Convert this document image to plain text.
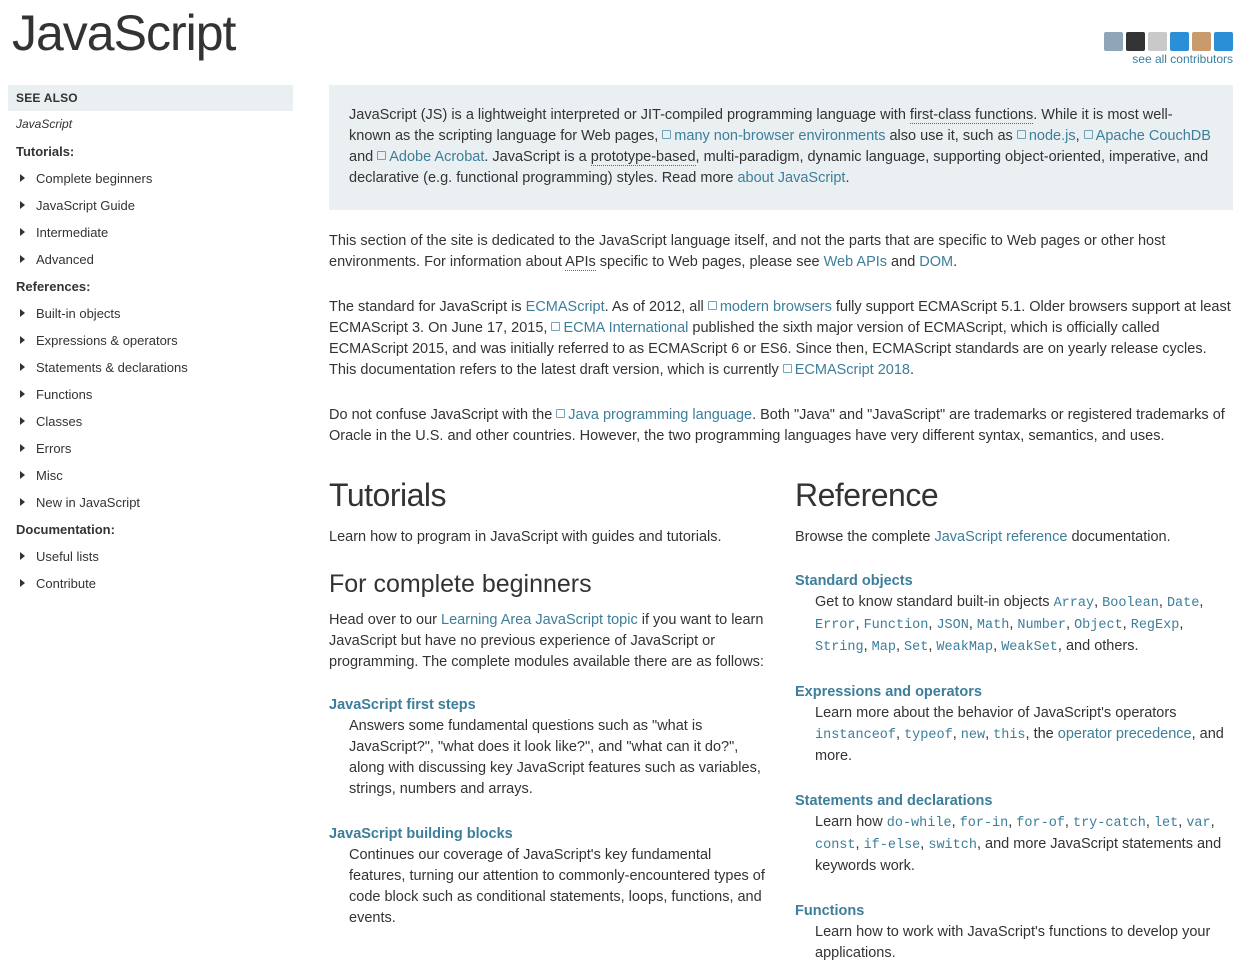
JavaScript	see all contributors
SEE ALSO
JavaScript
Tutorials:
Complete beginners
JavaScript Guide
Intermediate
Advanced
References:
Built-in objects
Expressions & operators
Statements & declarations
Functions
Classes
Errors
Misc
New in JavaScript
Documentation:
Useful lists
Contribute

JavaScript (JS) is a lightweight interpreted or JIT-compiled programming language with first-class functions. While it is most well-known as the scripting language for Web pages, many non-browser environments also use it, such as node.js, Apache CouchDB and Adobe Acrobat. JavaScript is a prototype-based, multi-paradigm, dynamic language, supporting object-oriented, imperative, and declarative (e.g. functional programming) styles. Read more about JavaScript.

This section of the site is dedicated to the JavaScript language itself, and not the parts that are specific to Web pages or other host environments. For information about APIs specific to Web pages, please see Web APIs and DOM.

The standard for JavaScript is ECMAScript. As of 2012, all modern browsers fully support ECMAScript 5.1. Older browsers support at least ECMAScript 3. On June 17, 2015, ECMA International published the sixth major version of ECMAScript, which is officially called ECMAScript 2015, and was initially referred to as ECMAScript 6 or ES6. Since then, ECMAScript standards are on yearly release cycles. This documentation refers to the latest draft version, which is currently ECMAScript 2018.

Do not confuse JavaScript with the Java programming language. Both "Java" and "JavaScript" are trademarks or registered trademarks of Oracle in the U.S. and other countries. However, the two programming languages have very different syntax, semantics, and uses.

Tutorials
Learn how to program in JavaScript with guides and tutorials.
For complete beginners
Head over to our Learning Area JavaScript topic if you want to learn JavaScript but have no previous experience of JavaScript or programming. The complete modules available there are as follows:
JavaScript first steps
Answers some fundamental questions such as "what is JavaScript?", "what does it look like?", and "what can it do?", along with discussing key JavaScript features such as variables, strings, numbers and arrays.
JavaScript building blocks
Continues our coverage of JavaScript's key fundamental features, turning our attention to commonly-encountered types of code block such as conditional statements, loops, functions, and events.
Reference
Browse the complete JavaScript reference documentation.
Standard objects
Get to know standard built-in objects Array, Boolean, Date, Error, Function, JSON, Math, Number, Object, RegExp, String, Map, Set, WeakMap, WeakSet, and others.
Expressions and operators
Learn more about the behavior of JavaScript's operators instanceof, typeof, new, this, the operator precedence, and more.
Statements and declarations
Learn how do-while, for-in, for-of, try-catch, let, var, const, if-else, switch, and more JavaScript statements and keywords work.
Functions
Learn how to work with JavaScript's functions to develop your applications.
